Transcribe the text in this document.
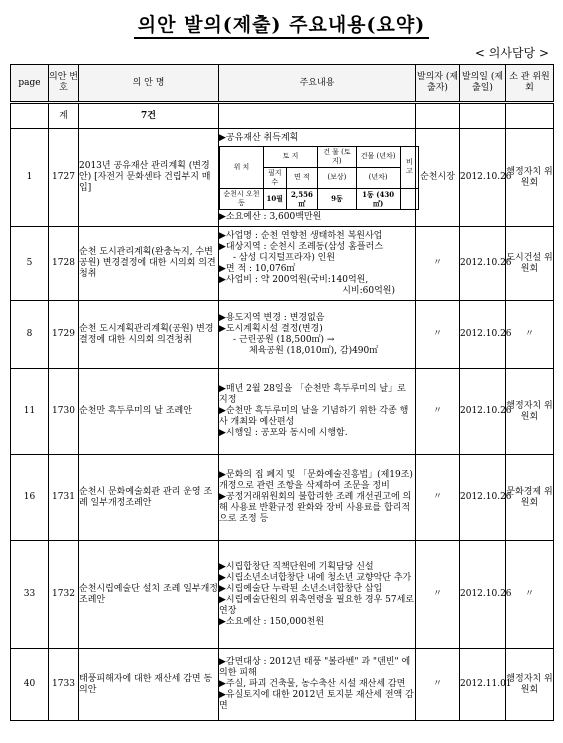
의안 발의(제출) 주요내용(요약)
< 의사담당 >
page	의안 번호	의 안 명	주요내용	발의자 (제출자)	발의일 (제출일)	소 관 위원회
	계	7건				
1	1727	2013년 공유재산 관리계획 (변경안) [자전거 문화센타 건립부지 매입]	
▶공유재산 취득계획
위 치	토 지	건 물 (토지)	건물 (년차)	비 고
필지수	면 적	(보상)	(년차)
순천시 오천동	10필	2,556㎡	9동	1동 (430㎡)	
▶소요예산 : 3,600백만원
	순천시장	2012.10.26	행정자치 위원회
5	1728	순천 도시관리계획(완충녹지, 수변공원) 변경결정에 대한 시의회 의견청취	
▶사업명 : 순천 연향천 생태하천 복원사업
▶대상지역 : 순천시 조례동(삼성 홈플러스
- 삼성 디지털프라자) 인원
▶면 적 : 10,076㎡
▶사업비 : 약 200억원(국비:140억원,
시비:60억원)
	〃	2012.10.26	도시건설 위원회
8	1729	순천 도시계획관리계획(공원) 변경 결정에 대한 시의회 의견청취	
▶용도지역 변경 : 변경없음
▶도시계획시설 결정(변경)
- 근린공원 (18,500㎡) →
체육공원 (18,010㎡), 감)490㎡
	〃	2012.10.26	〃
11	1730	순천만 흑두루미의 날 조례안	
▶매년 2월 28일을 「순천만 흑두루미의 날」로 지정
▶순천만 흑두루미의 날을 기념하기 위한 각종 행사 개최와 예산편성
▶시행일 : 공포와 동시에 시행함.
	〃	2012.10.26	행정자치 위원회
16	1731	순천시 문화예술회관 관리 운영 조례 일부개정조례안	
▶문화의 집 폐지 및 「문화예술진흥법」(제19조) 개정으로 관련 조항을 삭제하여 조문을 정비
▶공정거래위원회의 불합리한 조례 개선권고에 의해 사용료 반환규정 완화와 장비 사용료를 합리적으로 조정 등
	〃	2012.10.26	문화경제 위원회
33	1732	순천시립예술단 설치 조례 일부개정조례안	
▶시립합창단 직책단원에 기획담당 신설
▶시립소년소녀합창단 내에 청소년 교향악단 추가
▶시립예술단 누락된 소년소녀합창단 삽입
▶시립예술단원의 위촉연령을 필요한 경우 57세로 연장
▶소요예산 : 150,000천원
	〃	2012.10.26	〃
40	1733	태풍피해자에 대한 재산세 감면 동의안	
▶감면대상 : 2012년 태풍 "볼라벤" 과 "덴빈" 에 의한 피해
▶주실, 파괴 건축물, 농수축산 시설 재산세 감면
▶유실토지에 대한 2012년 토지분 재산세 전액 감면
	〃	2012.11.01	행정자치 위원회
